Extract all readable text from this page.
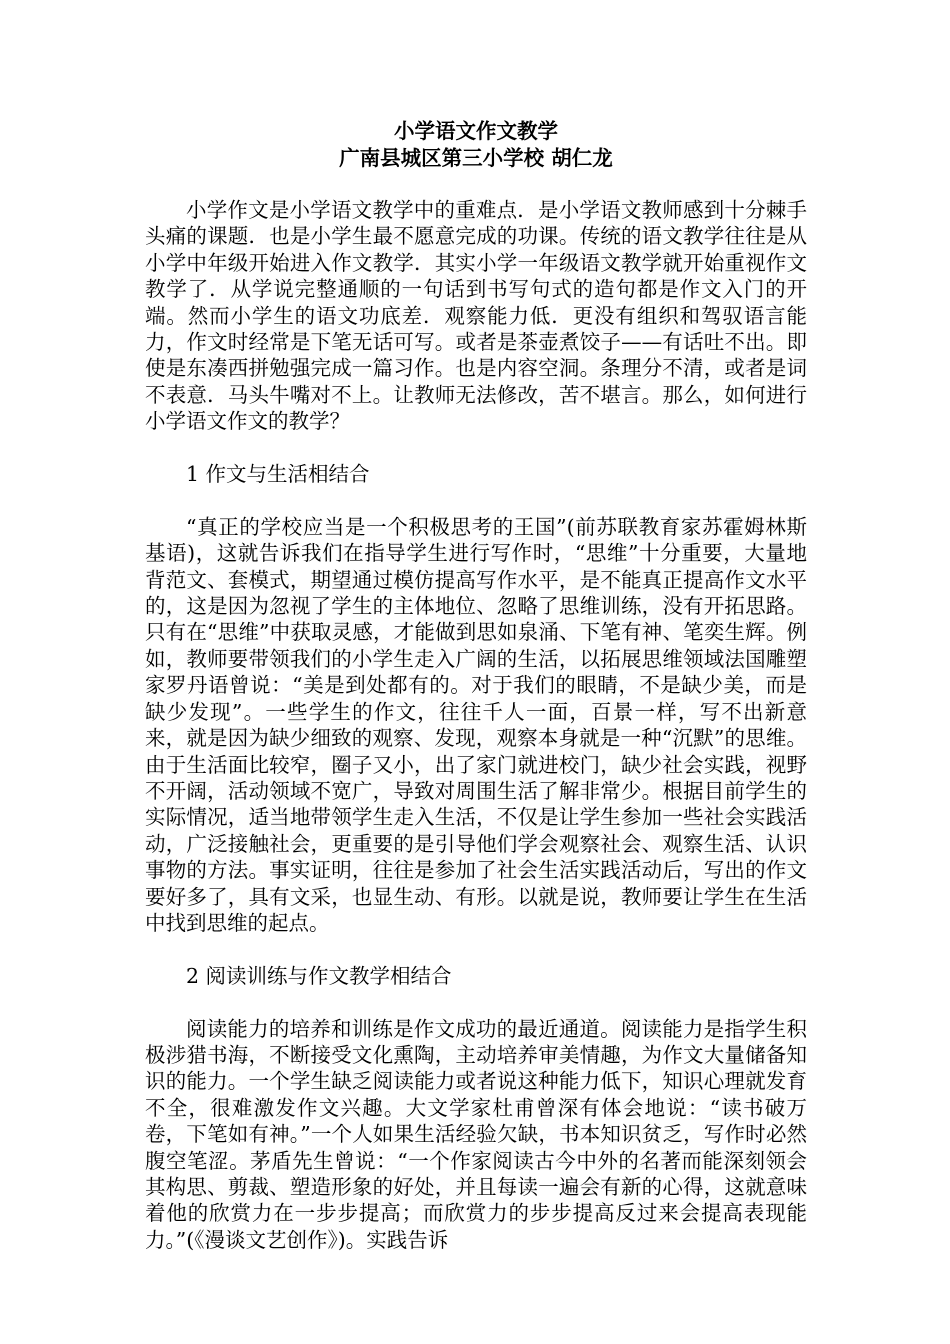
小学语文作文教学

广南县城区第三小学校 胡仁龙

小学作文是小学语文教学中的重难点．是小学语文教师感到十分棘手头痛的课题．也是小学生最不愿意完成的功课。传统的语文教学往往是从小学中年级开始进入作文教学．其实小学一年级语文教学就开始重视作文教学了．从学说完整通顺的一句话到书写句式的造句都是作文入门的开端。然而小学生的语文功底差．观察能力低．更没有组织和驾驭语言能力，作文时经常是下笔无话可写。或者是茶壶煮饺子——有话吐不出。即使是东凑西拼勉强完成一篇习作。也是内容空洞。条理分不清，或者是词不表意．马头牛嘴对不上。让教师无法修改，苦不堪言。那么，如何进行小学语文作文的教学？

1 作文与生活相结合

“真正的学校应当是一个积极思考的王国”(前苏联教育家苏霍姆林斯基语)，这就告诉我们在指导学生进行写作时，“思维”十分重要，大量地背范文、套模式，期望通过模仿提高写作水平，是不能真正提高作文水平的，这是因为忽视了学生的主体地位、忽略了思维训练，没有开拓思路。只有在“思维”中获取灵感，才能做到思如泉涌、下笔有神、笔奕生辉。例如，教师要带领我们的小学生走入广阔的生活，以拓展思维领域法国雕塑家罗丹语曾说：“美是到处都有的。对于我们的眼睛，不是缺少美，而是缺少发现”。一些学生的作文，往往千人一面，百景一样，写不出新意来，就是因为缺少细致的观察、发现，观察本身就是一种“沉默”的思维。由于生活面比较窄，圈子又小，出了家门就进校门，缺少社会实践，视野不开阔，活动领域不宽广，导致对周围生活了解非常少。根据目前学生的实际情况，适当地带领学生走入生活，不仅是让学生参加一些社会实践活动，广泛接触社会，更重要的是引导他们学会观察社会、观察生活、认识事物的方法。事实证明，往往是参加了社会生活实践活动后，写出的作文要好多了，具有文采，也显生动、有形。以就是说，教师要让学生在生活中找到思维的起点。

2 阅读训练与作文教学相结合

阅读能力的培养和训练是作文成功的最近通道。阅读能力是指学生积极涉猎书海，不断接受文化熏陶，主动培养审美情趣，为作文大量储备知识的能力。一个学生缺乏阅读能力或者说这种能力低下，知识心理就发育不全，很难激发作文兴趣。大文学家杜甫曾深有体会地说：“读书破万卷，下笔如有神。”一个人如果生活经验欠缺，书本知识贫乏，写作时必然腹空笔涩。茅盾先生曾说：“一个作家阅读古今中外的名著而能深刻领会其构思、剪裁、塑造形象的好处，并且每读一遍会有新的心得，这就意味着他的欣赏力在一步步提高；而欣赏力的步步提高反过来会提高表现能力。”(《漫谈文艺创作》)。实践告诉
